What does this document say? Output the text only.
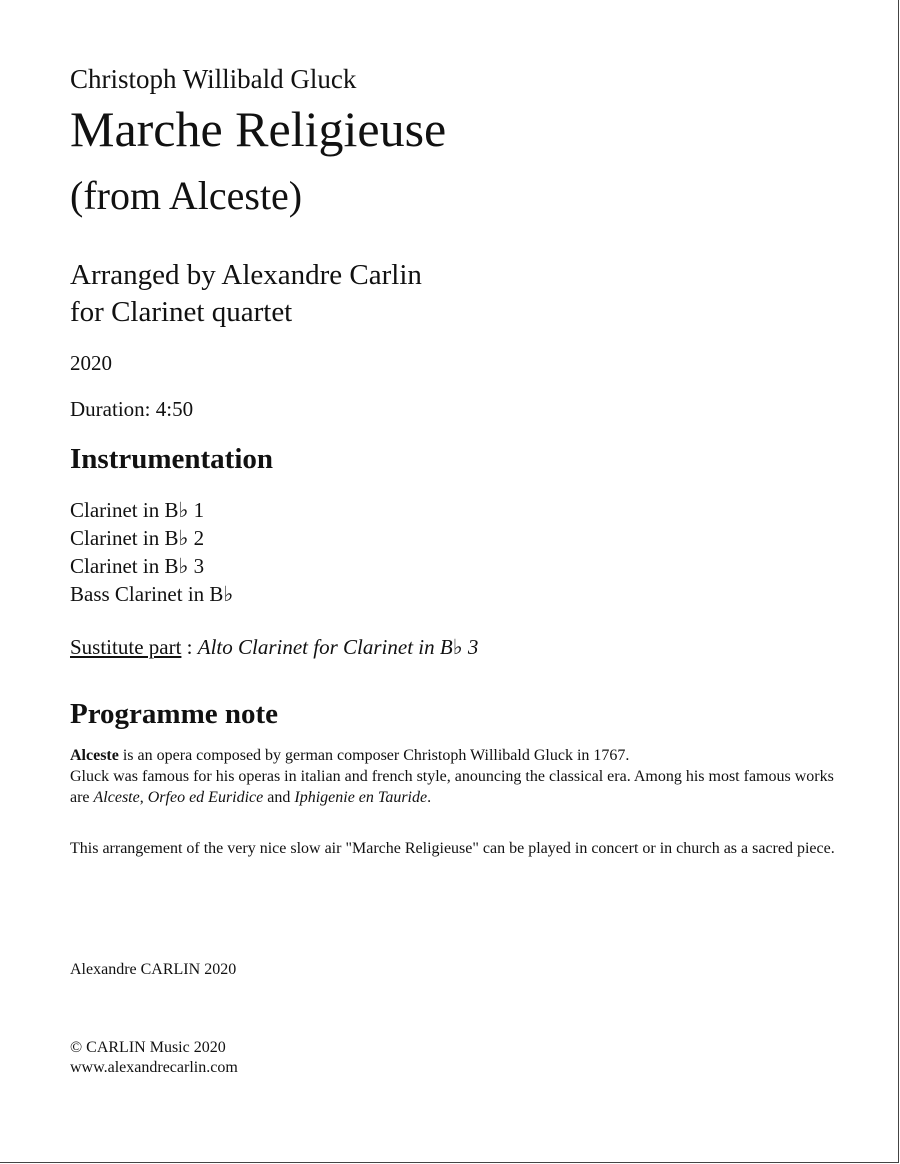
Christoph Willibald Gluck
Marche Religieuse
(from Alceste)
Arranged by Alexandre Carlin
for Clarinet quartet
2020
Duration: 4:50
Instrumentation
Clarinet in B♭ 1
Clarinet in B♭ 2
Clarinet in B♭ 3
Bass Clarinet in B♭
Sustitute part : Alto Clarinet for Clarinet in B♭ 3
Programme note
Alceste is an opera composed by german composer Christoph Willibald Gluck in 1767.
Gluck was famous for his operas in italian and french style, anouncing the classical era. Among his most famous works are Alceste, Orfeo ed Euridice and Iphigenie en Tauride.
This arrangement of the very nice slow air "Marche Religieuse" can be played in concert or in church as a sacred piece.
Alexandre CARLIN 2020
© CARLIN Music 2020
www.alexandrecarlin.com
